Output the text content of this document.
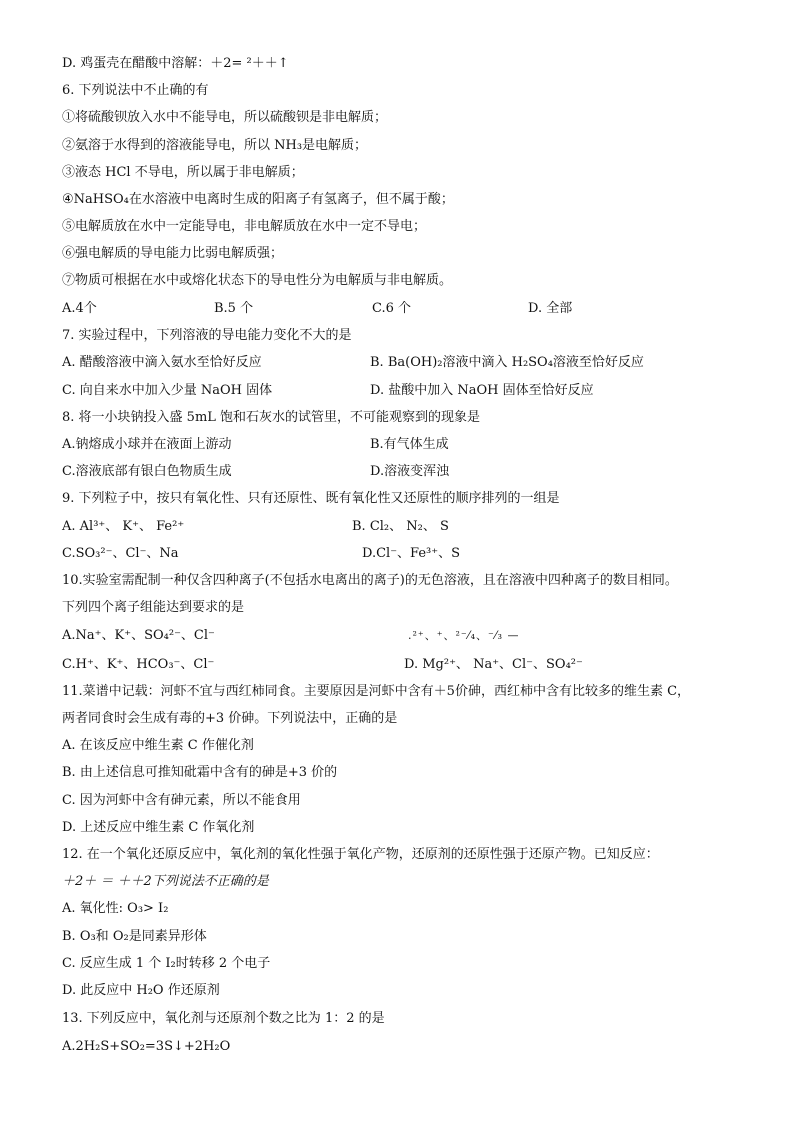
D. 鸡蛋壳在醋酸中溶解：＋2= ²＋＋↑
6. 下列说法中不止确的有
①将硫酸钡放入水中不能导电，所以硫酸钡是非电解质；
②氨溶于水得到的溶液能导电，所以 NH₃是电解质；
③液态 HCl 不导电，所以属于非电解质；
④NaHSO₄在水溶液中电离时生成的阳离子有氢离子，但不属于酸；
⑤电解质放在水中一定能导电，非电解质放在水中一定不导电；
⑥强电解质的导电能力比弱电解质强；
⑦物质可根据在水中或熔化状态下的导电性分为电解质与非电解质。
A.4个	B.5 个	C.6 个	D. 全部
7. 实验过程中，下列溶液的导电能力变化不大的是
A. 醋酸溶液中滴入氨水至恰好反应	B. Ba(OH)₂溶液中滴入 H₂SO₄溶液至恰好反应
C. 向自来水中加入少量 NaOH 固体	D. 盐酸中加入 NaOH 固体至恰好反应
8. 将一小块钠投入盛 5mL 饱和石灰水的试管里，不可能观察到的现象是
A.钠熔成小球并在液面上游动	B.有气体生成
C.溶液底部有银白色物质生成	D.溶液变浑浊
9. 下列粒子中，按只有氧化性、只有还原性、既有氧化性又还原性的顺序排列的一组是
A. Al³⁺、 K⁺、 Fe²⁺	B. Cl₂、 N₂、 S
C.SO₃²⁻、Cl⁻、Na	D.Cl⁻、Fe³⁺、S
10.实验室需配制一种仅含四种离子(不包括水电离出的离子)的无色溶液，且在溶液中四种离子的数目相同。
下列四个离子组能达到要求的是
A.Na⁺、K⁺、SO₄²⁻、Cl⁻	.²⁺、⁺、²⁻⁄₄、⁻⁄₃ —
C.H⁺、K⁺、HCO₃⁻、Cl⁻	D. Mg²⁺、 Na⁺、Cl⁻、SO₄²⁻
11.菜谱中记载：河虾不宜与西红柿同食。主要原因是河虾中含有＋5价砷，西红柿中含有比较多的维生素 C，
两者同食时会生成有毒的+3 价砷。下列说法中，正确的是
A. 在该反应中维生素 C 作催化剂
B. 由上述信息可推知砒霜中含有的砷是+3 价的
C. 因为河虾中含有砷元素，所以不能食用
D. 上述反应中维生素 C 作氧化剂
12. 在一个氧化还原反应中，氧化剂的氧化性强于氧化产物，还原剂的还原性强于还原产物。已知反应：
＋2＋ ＝ ＋＋2下列说法不正确的是
A. 氧化性: O₃> I₂
B. O₃和 O₂是同素异形体
C. 反应生成 1 个 I₂时转移 2 个电子
D. 此反应中 H₂O 作还原剂
13. 下列反应中，氧化剂与还原剂个数之比为 1：2 的是
A.2H₂S+SO₂=3S↓+2H₂O
